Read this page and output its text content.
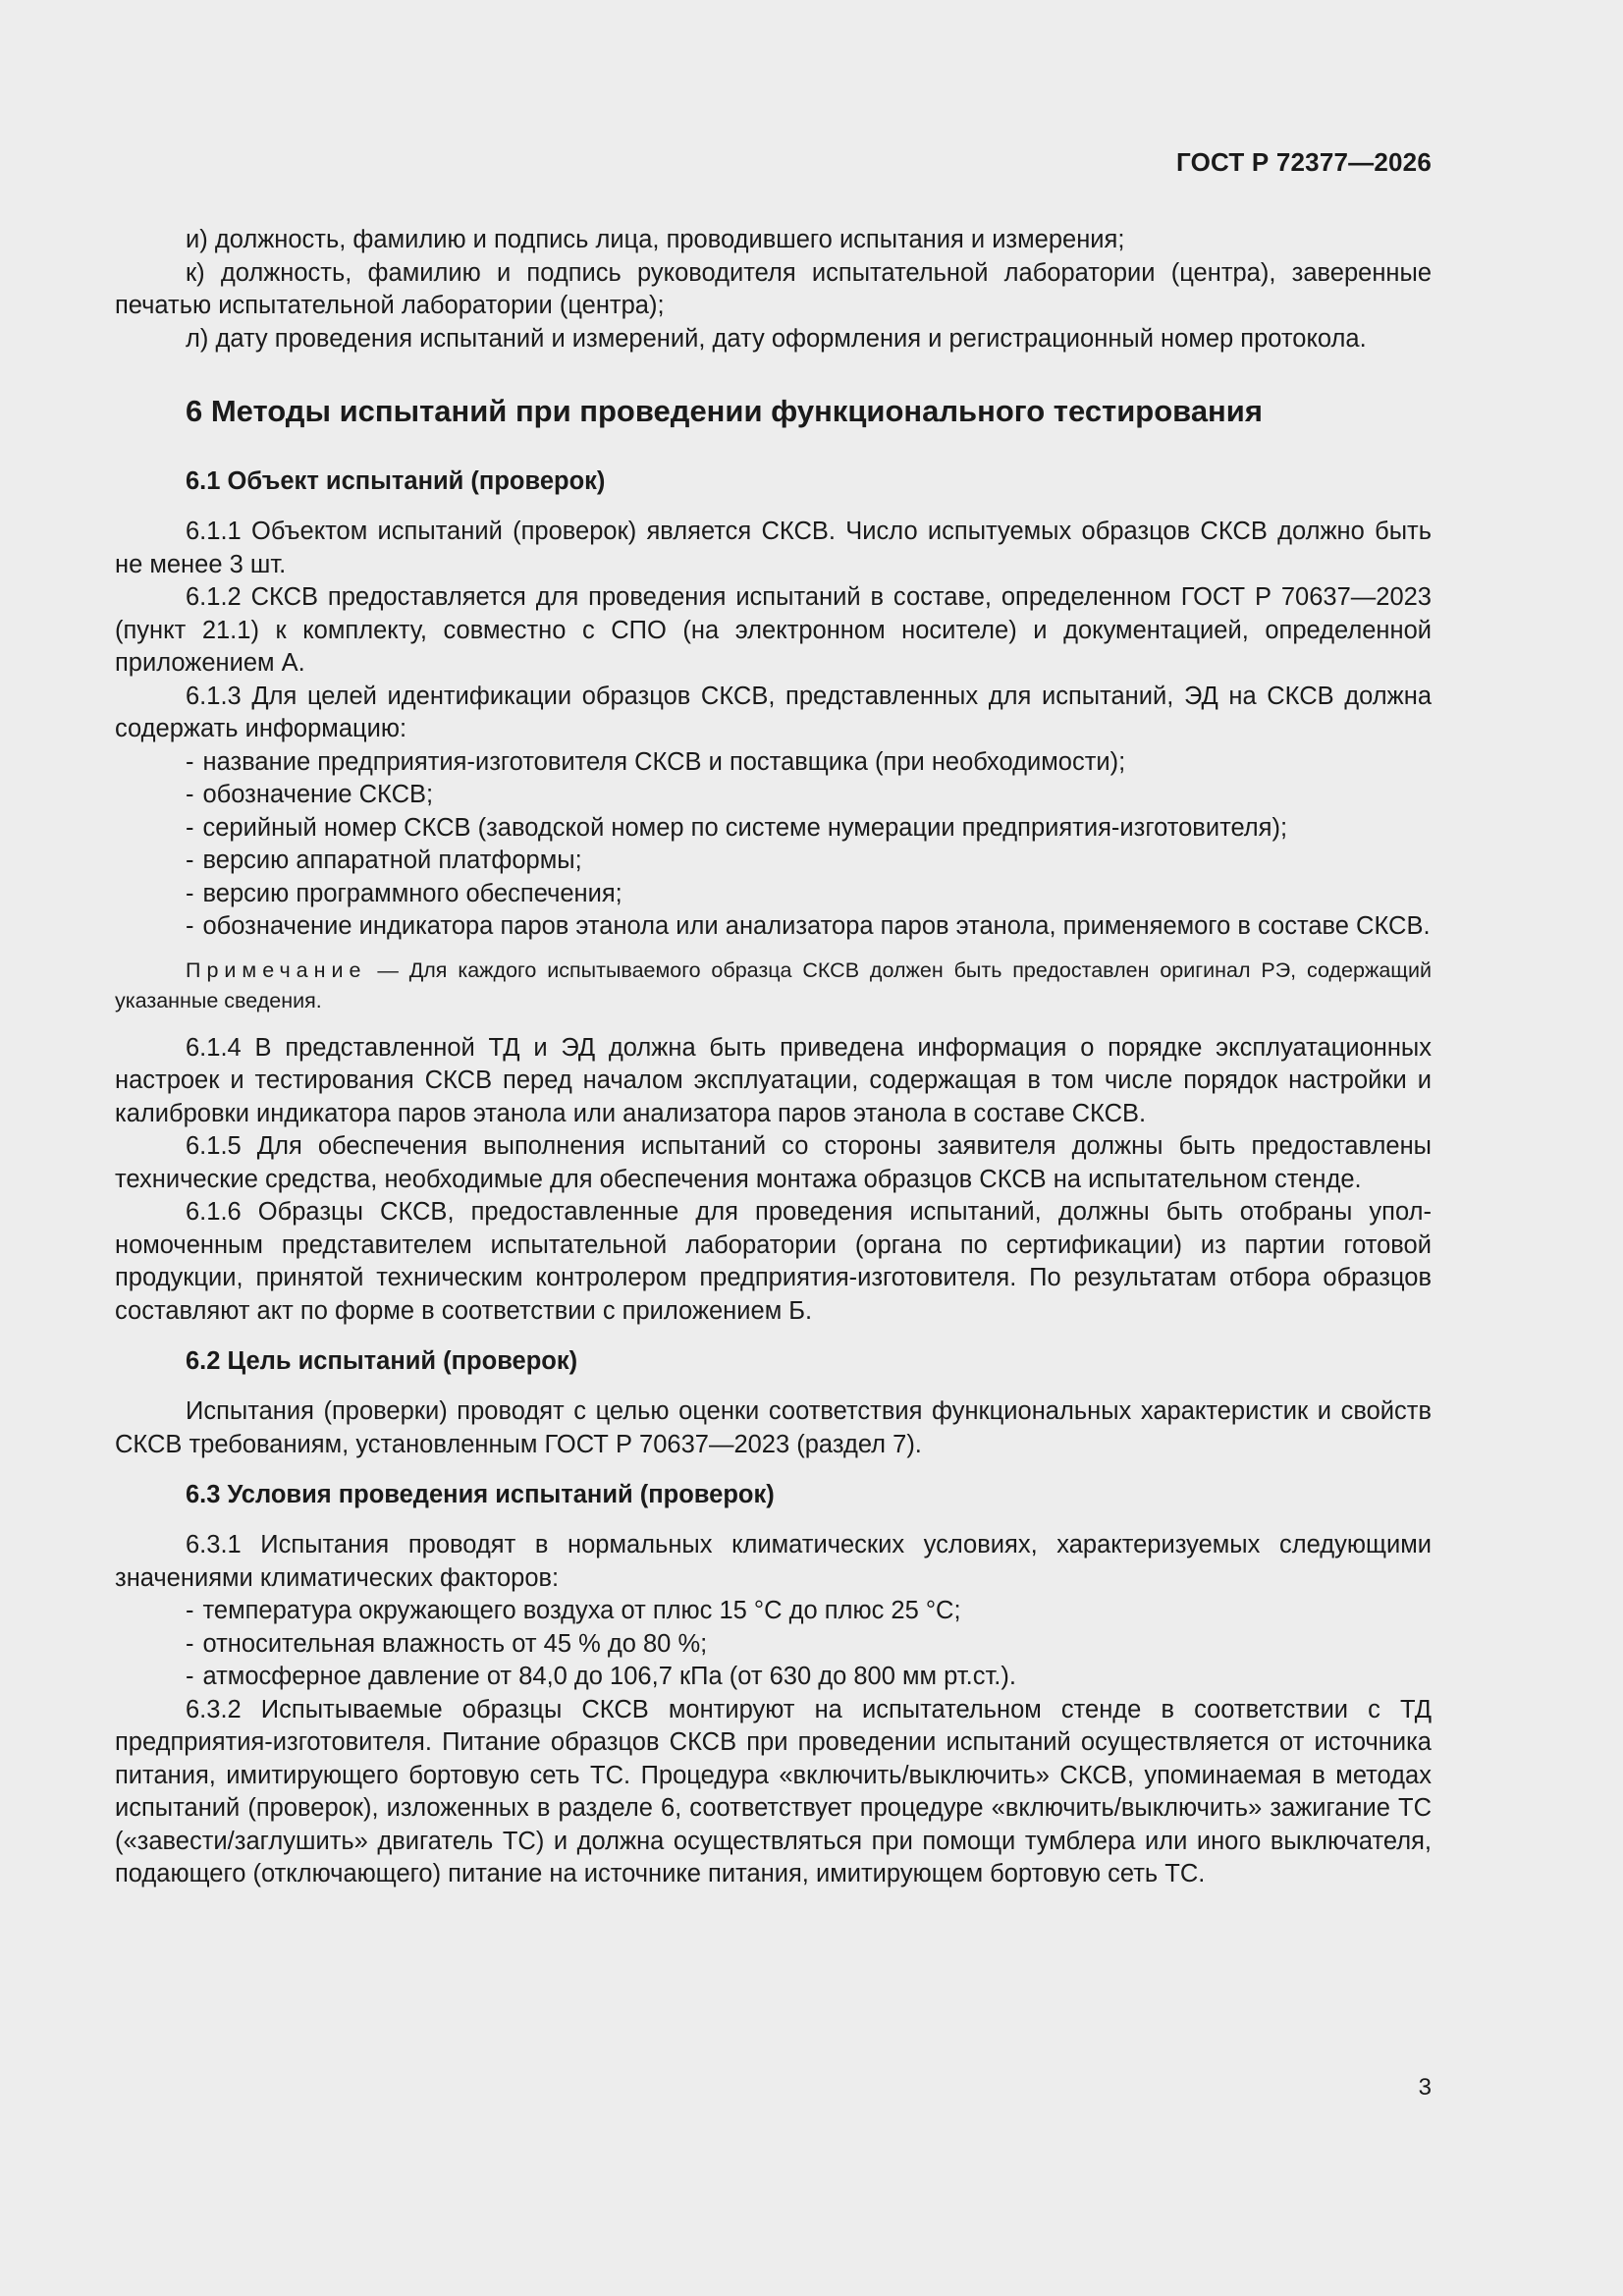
ГОСТ Р 72377—2026

и) должность, фамилию и подпись лица, проводившего испытания и измерения;

к) должность, фамилию и подпись руководителя испытательной лаборатории (центра), заверенные печатью испытательной лаборатории (центра);

л) дату проведения испытаний и измерений, дату оформления и регистрационный номер протокола.

6 Методы испытаний при проведении функционального тестирования
6.1 Объект испытаний (проверок)

6.1.1 Объектом испытаний (проверок) является СКСВ. Число испытуемых образцов СКСВ должно быть не менее 3 шт.

6.1.2 СКСВ предоставляется для проведения испытаний в составе, определенном ГОСТ Р 70637—2023 (пункт 21.1) к комплекту, совместно с СПО (на электронном носителе) и документацией, определенной приложением А.

6.1.3 Для целей идентификации образцов СКСВ, представленных для испытаний, ЭД на СКСВ должна содержать информацию:

- название предприятия-изготовителя СКСВ и поставщика (при необходимости);

- обозначение СКСВ;

- серийный номер СКСВ (заводской номер по системе нумерации предприятия-изготовителя);

- версию аппаратной платформы;

- версию программного обеспечения;

- обозначение индикатора паров этанола или анализатора паров этанола, применяемого в составе СКСВ.

Примечание — Для каждого испытываемого образца СКСВ должен быть предоставлен оригинал РЭ, содержащий указанные сведения.

6.1.4 В представленной ТД и ЭД должна быть приведена информация о порядке эксплуатационных настроек и тестирования СКСВ перед началом эксплуатации, содержащая в том числе порядок настройки и калибровки индикатора паров этанола или анализатора паров этанола в составе СКСВ.

6.1.5 Для обеспечения выполнения испытаний со стороны заявителя должны быть предоставлены технические средства, необходимые для обеспечения монтажа образцов СКСВ на испытательном стенде.

6.1.6 Образцы СКСВ, предоставленные для проведения испытаний, должны быть отобраны уполномоченным представителем испытательной лаборатории (органа по сертификации) из партии готовой продукции, принятой техническим контролером предприятия-изготовителя. По результатам отбора образцов составляют акт по форме в соответствии с приложением Б.

6.2 Цель испытаний (проверок)

Испытания (проверки) проводят с целью оценки соответствия функциональных характеристик и свойств СКСВ требованиям, установленным ГОСТ Р 70637—2023 (раздел 7).

6.3 Условия проведения испытаний (проверок)

6.3.1 Испытания проводят в нормальных климатических условиях, характеризуемых следующими значениями климатических факторов:

- температура окружающего воздуха от плюс 15 °С до плюс 25 °С;

- относительная влажность от 45 % до 80 %;

- атмосферное давление от 84,0 до 106,7 кПа (от 630 до 800 мм рт.ст.).

6.3.2 Испытываемые образцы СКСВ монтируют на испытательном стенде в соответствии с ТД предприятия-изготовителя. Питание образцов СКСВ при проведении испытаний осуществляется от источника питания, имитирующего бортовую сеть ТС. Процедура «включить/выключить» СКСВ, упоминаемая в методах испытаний (проверок), изложенных в разделе 6, соответствует процедуре «включить/выключить» зажигание ТС («завести/заглушить» двигатель ТС) и должна осуществляться при помощи тумблера или иного выключателя, подающего (отключающего) питание на источнике питания, имитирующем бортовую сеть ТС.

3
